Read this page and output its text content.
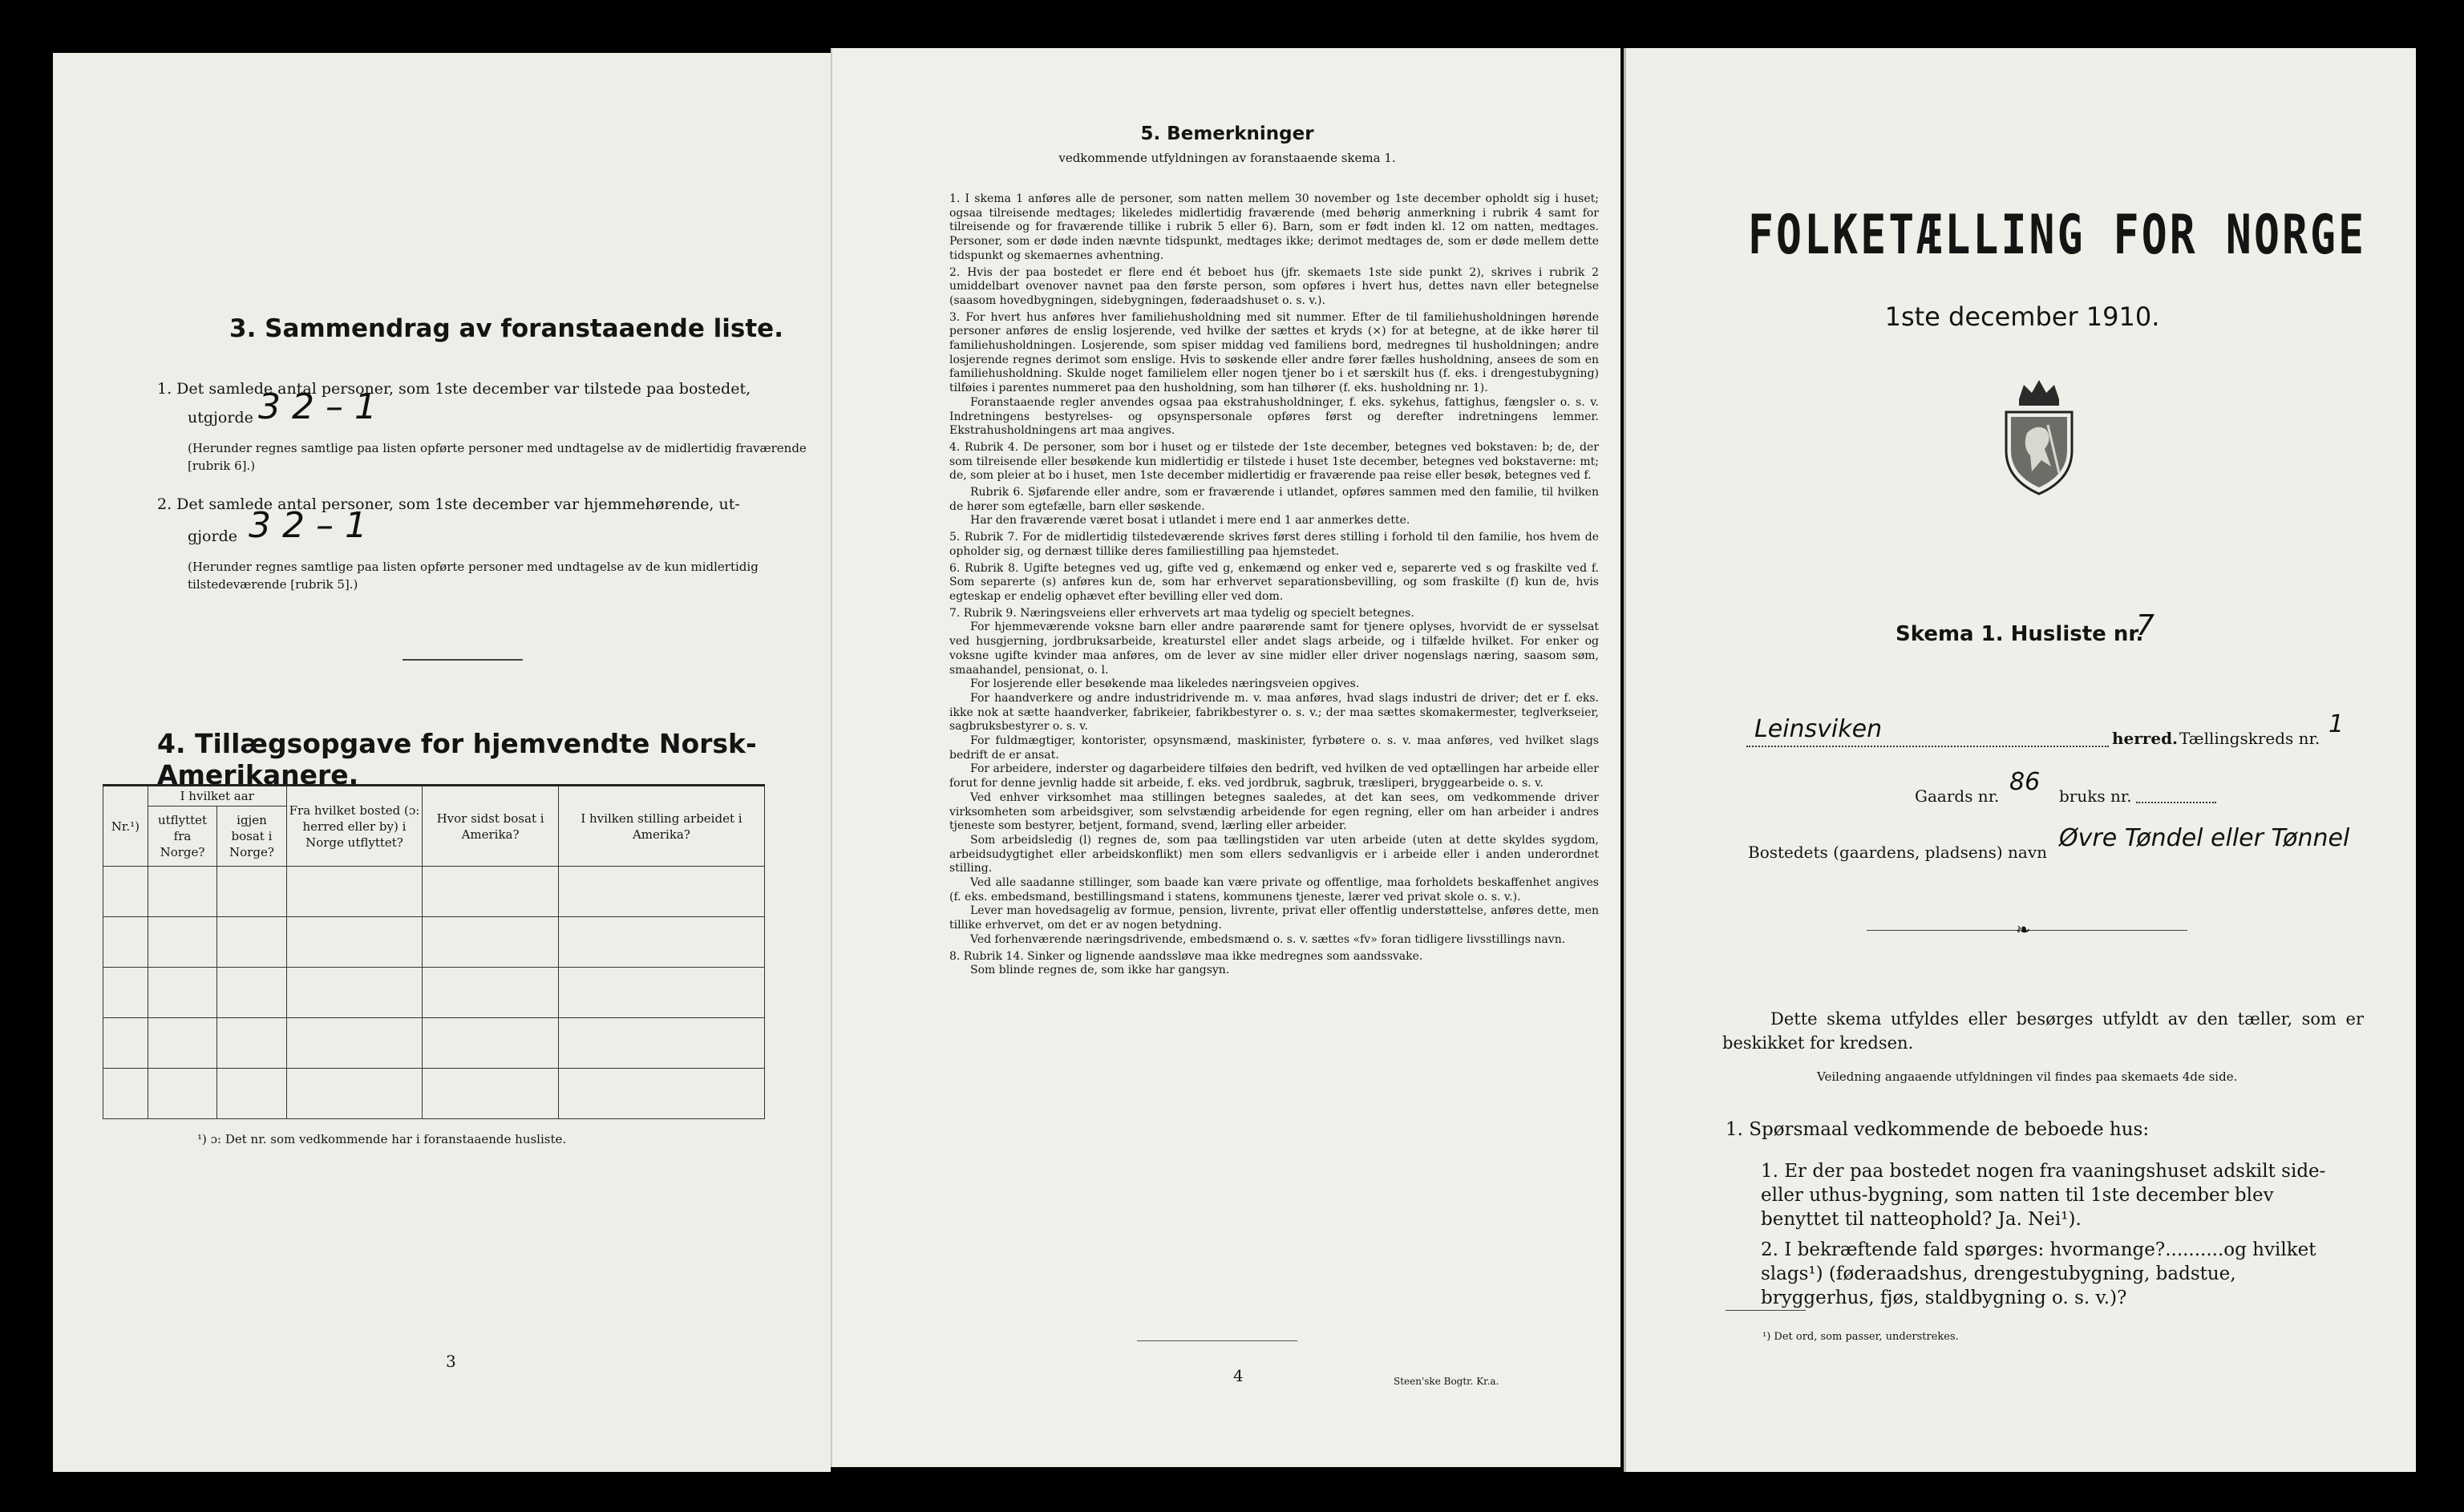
3. Sammendrag av foranstaaende liste.
1. Det samlede antal personer, som 1ste december var tilstede paa bostedet,
utgjorde 3 2 – 1
(Herunder regnes samtlige paa listen opførte personer med undtagelse av de midlertidig fraværende [rubrik 6].)
2. Det samlede antal personer, som 1ste december var hjemmehørende, ut-
gjorde 3 2 – 1
(Herunder regnes samtlige paa listen opførte personer med undtagelse av de kun midlertidig tilstedeværende [rubrik 5].)
4. Tillægsopgave for hjemvendte Norsk-Amerikanere.
Nr.¹)	I hvilket aar		Fra hvilket bosted (ɔ: herred eller by) i Norge utflyttet?	Hvor sidst bosat i Amerika?	I hvilken stilling arbeidet i Amerika?
	utflyttet fra Norge?	igjen bosat i Norge?			

¹) ɔ: Det nr. som vedkommende har i foranstaaende husliste.
3
5. Bemerkninger
vedkommende utfyldningen av foranstaaende skema 1.

1. I skema 1 anføres alle de personer, som natten mellem 30 november og 1ste december opholdt sig i huset; ogsaa tilreisende medtages; likeledes midlertidig fraværende (med behørig anmerkning i rubrik 4 samt for tilreisende og for fraværende tillike i rubrik 5 eller 6). Barn, som er født inden kl. 12 om natten, medtages. Personer, som er døde inden nævnte tidspunkt, medtages ikke; derimot medtages de, som er døde mellem dette tidspunkt og skemaernes avhentning.

2. Hvis der paa bostedet er flere end ét beboet hus (jfr. skemaets 1ste side punkt 2), skrives i rubrik 2 umiddelbart ovenover navnet paa den første person, som opføres i hvert hus, dettes navn eller betegnelse (saasom hovedbygningen, sidebygningen, føderaadshuset o. s. v.).

3. For hvert hus anføres hver familiehusholdning med sit nummer. Efter de til familiehusholdningen hørende personer anføres de enslig losjerende, ved hvilke der sættes et kryds (×) for at betegne, at de ikke hører til familiehusholdningen. Losjerende, som spiser middag ved familiens bord, medregnes til husholdningen; andre losjerende regnes derimot som enslige. Hvis to søskende eller andre fører fælles husholdning, ansees de som en familiehusholdning. Skulde noget familielem eller nogen tjener bo i et særskilt hus (f. eks. i drengestubygning) tilføies i parentes nummeret paa den husholdning, som han tilhører (f. eks. husholdning nr. 1).

Foranstaaende regler anvendes ogsaa paa ekstrahusholdninger, f. eks. sykehus, fattighus, fængsler o. s. v. Indretningens bestyrelses- og opsynspersonale opføres først og derefter indretningens lemmer. Ekstrahusholdningens art maa angives.

4. Rubrik 4. De personer, som bor i huset og er tilstede der 1ste december, betegnes ved bokstaven: b; de, der som tilreisende eller besøkende kun midlertidig er tilstede i huset 1ste december, betegnes ved bokstaverne: mt; de, som pleier at bo i huset, men 1ste december midlertidig er fraværende paa reise eller besøk, betegnes ved f.

Rubrik 6. Sjøfarende eller andre, som er fraværende i utlandet, opføres sammen med den familie, til hvilken de hører som egtefælle, barn eller søskende.

Har den fraværende været bosat i utlandet i mere end 1 aar anmerkes dette.

5. Rubrik 7. For de midlertidig tilstedeværende skrives først deres stilling i forhold til den familie, hos hvem de opholder sig, og dernæst tillike deres familiestilling paa hjemstedet.

6. Rubrik 8. Ugifte betegnes ved ug, gifte ved g, enkemænd og enker ved e, separerte ved s og fraskilte ved f. Som separerte (s) anføres kun de, som har erhvervet separationsbevilling, og som fraskilte (f) kun de, hvis egteskap er endelig ophævet efter bevilling eller ved dom.

7. Rubrik 9. Næringsveiens eller erhvervets art maa tydelig og specielt betegnes.

For hjemmeværende voksne barn eller andre paarørende samt for tjenere oplyses, hvorvidt de er sysselsat ved husgjerning, jordbruksarbeide, kreaturstel eller andet slags arbeide, og i tilfælde hvilket. For enker og voksne ugifte kvinder maa anføres, om de lever av sine midler eller driver nogenslags næring, saasom søm, smaahandel, pensionat, o. l.

For losjerende eller besøkende maa likeledes næringsveien opgives.

For haandverkere og andre industridrivende m. v. maa anføres, hvad slags industri de driver; det er f. eks. ikke nok at sætte haandverker, fabrikeier, fabrikbestyrer o. s. v.; der maa sættes skomakermester, teglverkseier, sagbruksbestyrer o. s. v.

For fuldmægtiger, kontorister, opsynsmænd, maskinister, fyrbøtere o. s. v. maa anføres, ved hvilket slags bedrift de er ansat.

For arbeidere, inderster og dagarbeidere tilføies den bedrift, ved hvilken de ved optællingen har arbeide eller forut for denne jevnlig hadde sit arbeide, f. eks. ved jordbruk, sagbruk, træsliperi, bryggearbeide o. s. v.

Ved enhver virksomhet maa stillingen betegnes saaledes, at det kan sees, om vedkommende driver virksomheten som arbeidsgiver, som selvstændig arbeidende for egen regning, eller om han arbeider i andres tjeneste som bestyrer, betjent, formand, svend, lærling eller arbeider.

Som arbeidsledig (l) regnes de, som paa tællingstiden var uten arbeide (uten at dette skyldes sygdom, arbeidsudygtighet eller arbeidskonflikt) men som ellers sedvanligvis er i arbeide eller i anden underordnet stilling.

Ved alle saadanne stillinger, som baade kan være private og offentlige, maa forholdets beskaffenhet angives (f. eks. embedsmand, bestillingsmand i statens, kommunens tjeneste, lærer ved privat skole o. s. v.).

Lever man hovedsagelig av formue, pension, livrente, privat eller offentlig understøttelse, anføres dette, men tillike erhvervet, om det er av nogen betydning.

Ved forhenværende næringsdrivende, embedsmænd o. s. v. sættes «fv» foran tidligere livsstillings navn.

8. Rubrik 14. Sinker og lignende aandssløve maa ikke medregnes som aandssvake.

Som blinde regnes de, som ikke har gangsyn.

4	Steen'ske Bogtr. Kr.a.
FOLKETÆLLING FOR NORGE
1ste december 1910.
Skema 1. Husliste nr.
7
Leinsviken	herred. Tællingskreds nr. 1
Gaards nr. 86 bruks nr.
Bostedets (gaardens, pladsens) navn Øvre Tøndel eller Tønnel
❧
Dette skema utfyldes eller besørges utfyldt av den tæller, som er beskikket for kredsen.
Veiledning angaaende utfyldningen vil findes paa skemaets 4de side.
1. Spørsmaal vedkommende de beboede hus:
1. Er der paa bostedet nogen fra vaaningshuset adskilt side- eller uthus-bygning, som natten til 1ste december blev benyttet til natteophold? Ja. Nei¹).
2. I bekræftende fald spørges: hvormange?..........og hvilket slags¹) (føderaadshus, drengestubygning, badstue, bryggerhus, fjøs, staldbygning o. s. v.)?
¹) Det ord, som passer, understrekes.
